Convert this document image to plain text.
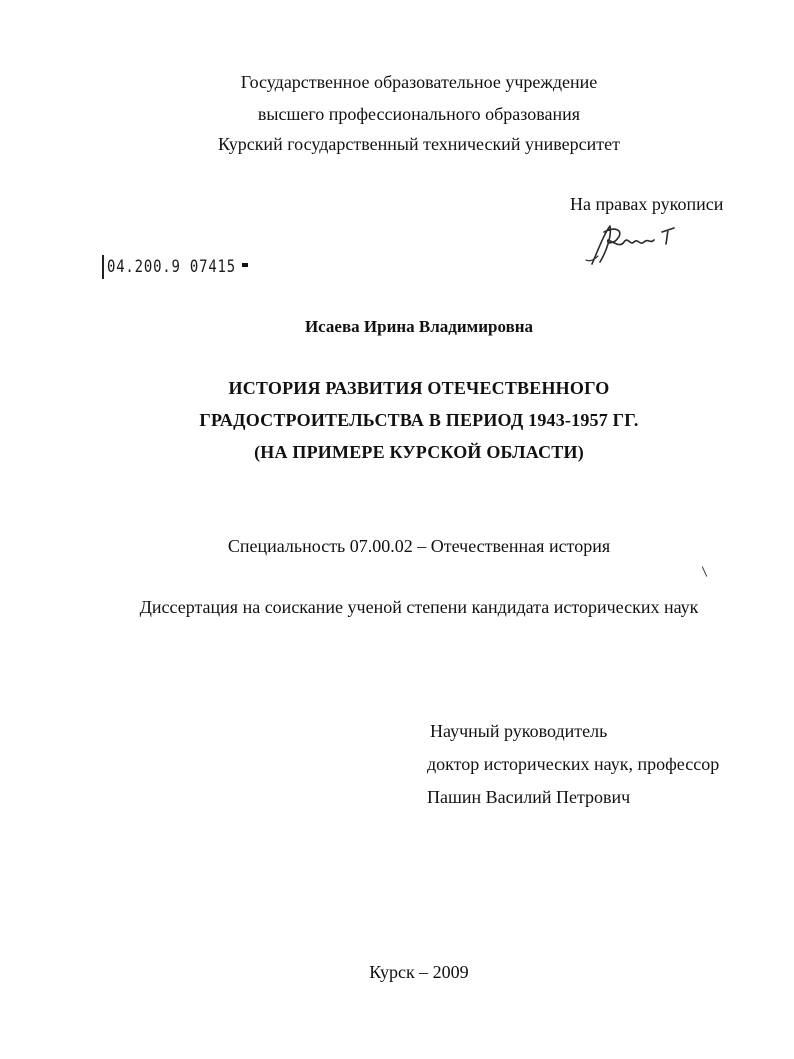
Государственное образовательное учреждение
высшего профессионального образования
Курский государственный технический университет
На правах рукописи
04.200.9 07415
Исаева Ирина Владимировна
ИСТОРИЯ РАЗВИТИЯ ОТЕЧЕСТВЕННОГО
ГРАДОСТРОИТЕЛЬСТВА В ПЕРИОД 1943-1957 ГГ.
(НА ПРИМЕРЕ КУРСКОЙ ОБЛАСТИ)
Специальность 07.00.02 – Отечественная история
Диссертация на соискание ученой степени кандидата исторических наук
Научный руководитель
доктор исторических наук, профессор
Пашин Василий Петрович
Курск – 2009
